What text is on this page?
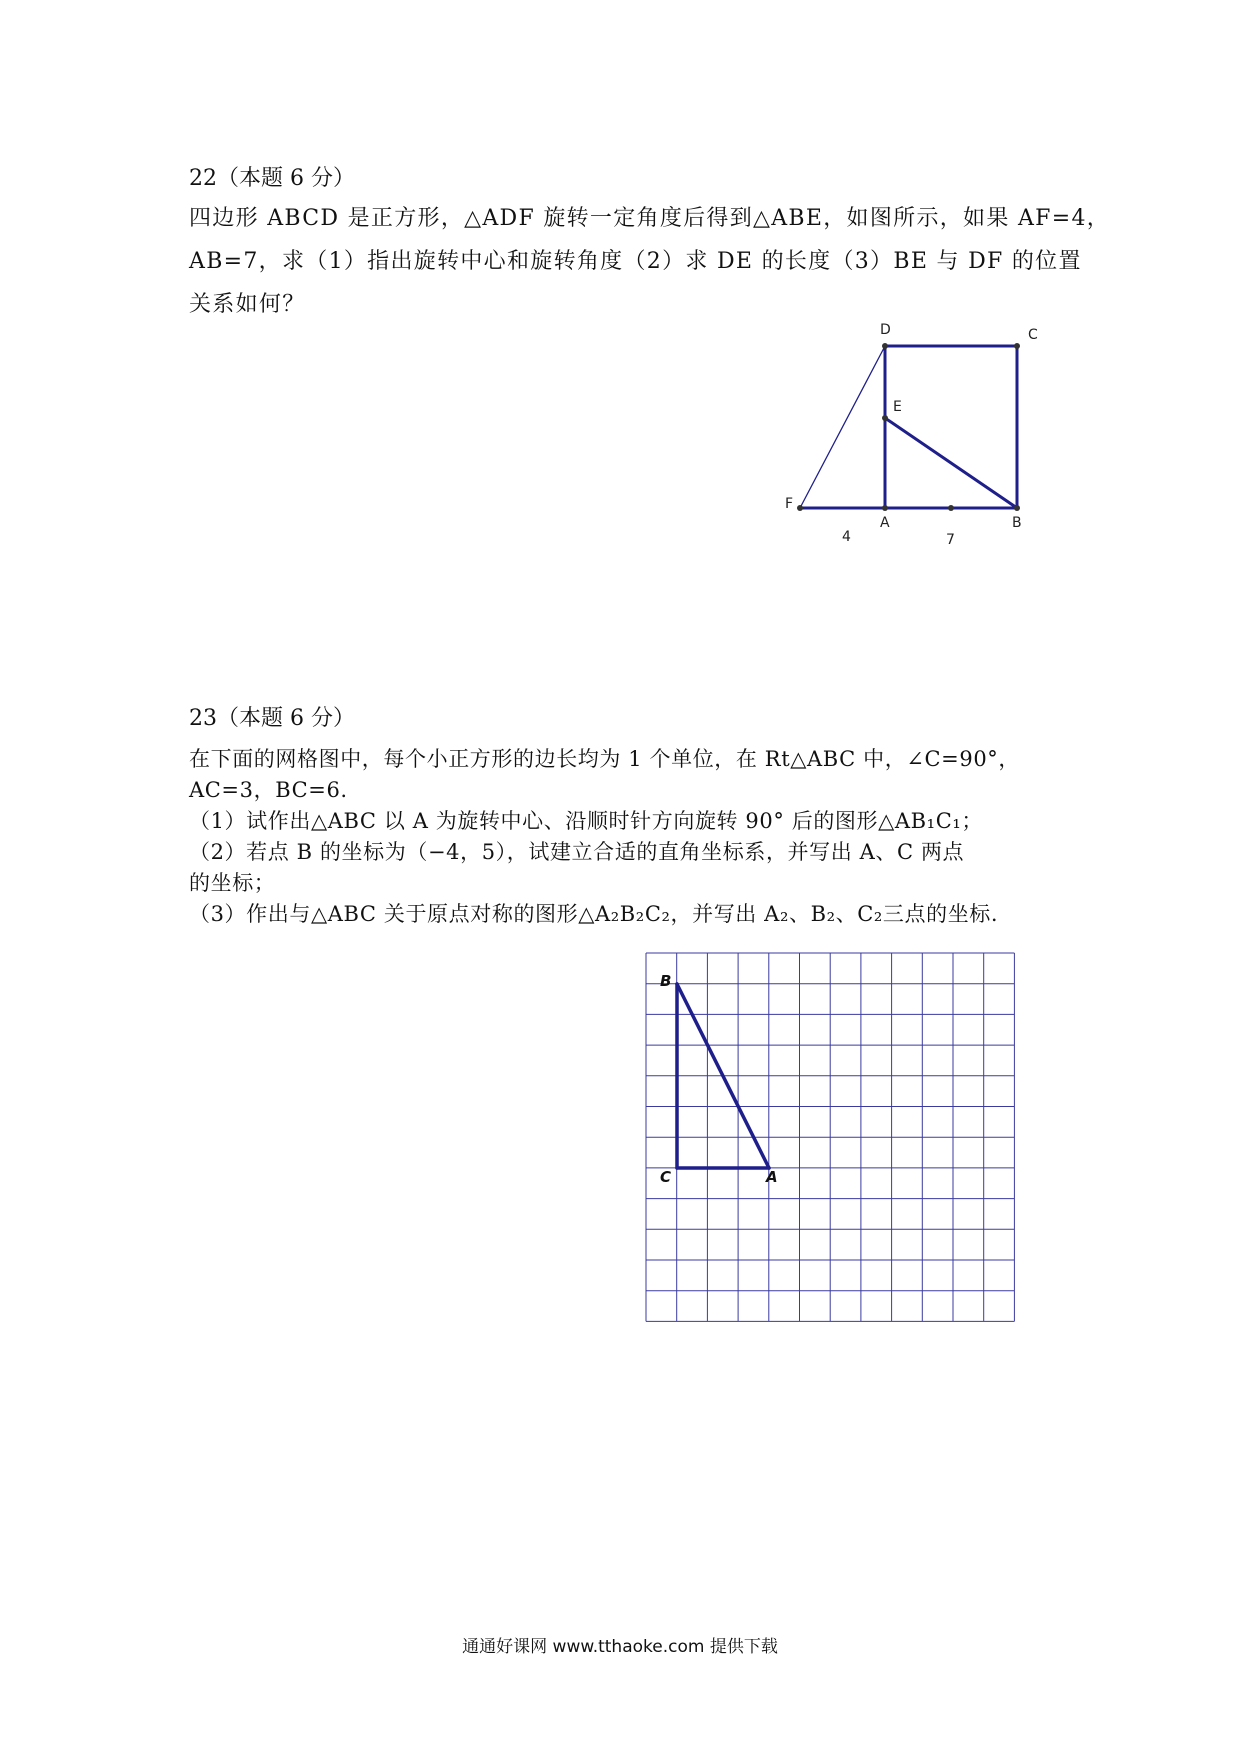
22（本题 6 分）
四边形 ABCD 是正方形，△ADF 旋转一定角度后得到△ABE，如图所示，如果 AF=4，
AB=7，求（1）指出旋转中心和旋转角度（2）求 DE 的长度（3）BE 与 DF 的位置
关系如何？
D	C
E
F
A	B
4	7
23（本题 6 分）
在下面的网格图中，每个小正方形的边长均为 1 个单位，在 Rt△ABC 中，∠C=90°，
AC=3，BC=6.
（1）试作出△ABC 以 A 为旋转中心、沿顺时针方向旋转 90° 后的图形△AB₁C₁；
（2）若点 B 的坐标为（−4，5），试建立合适的直角坐标系，并写出 A、C 两点
的坐标；
（3）作出与△ABC 关于原点对称的图形△A₂B₂C₂，并写出 A₂、B₂、C₂三点的坐标.
B
C	A
通通好课网 www.tthaoke.com 提供下载
